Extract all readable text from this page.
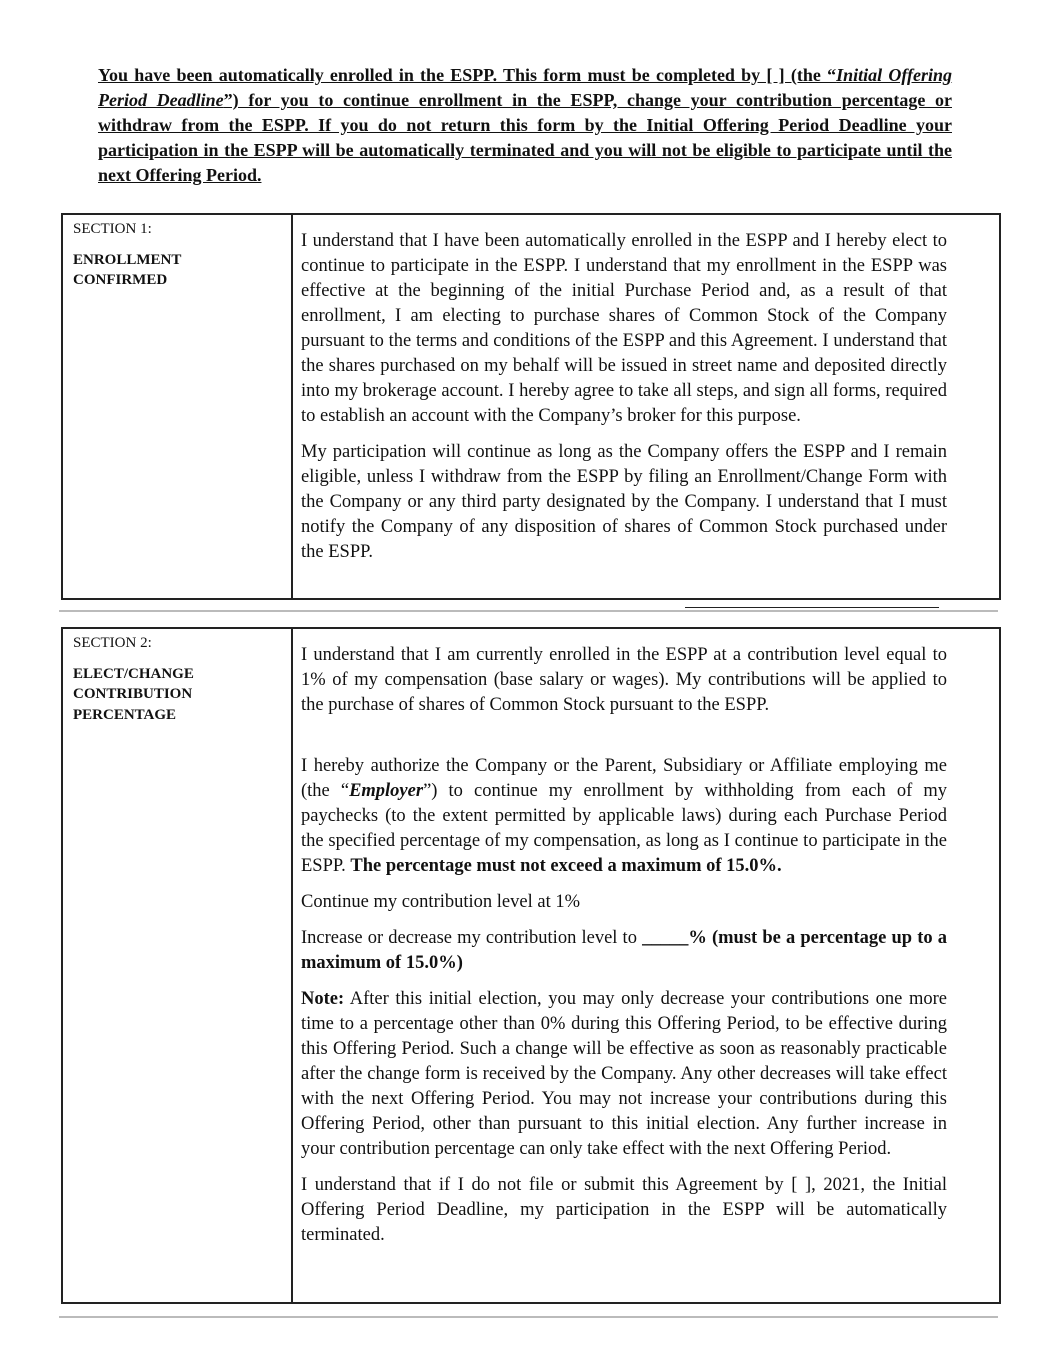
You have been automatically enrolled in the ESPP. This form must be completed by [ ] (the “Initial Offering Period Deadline”) for you to continue enrollment in the ESPP, change your contribution percentage or withdraw from the ESPP. If you do not return this form by the Initial Offering Period Deadline your participation in the ESPP will be automatically terminated and you will not be eligible to participate until the next Offering Period.
SECTION 1:
ENROLLMENT
CONFIRMED

I understand that I have been automatically enrolled in the ESPP and I hereby elect to continue to participate in the ESPP. I understand that my enrollment in the ESPP was effective at the beginning of the initial Purchase Period and, as a result of that enrollment, I am electing to purchase shares of Common Stock of the Company pursuant to the terms and conditions of the ESPP and this Agreement. I understand that the shares purchased on my behalf will be issued in street name and deposited directly into my brokerage account. I hereby agree to take all steps, and sign all forms, required to establish an account with the Company’s broker for this purpose.

My participation will continue as long as the Company offers the ESPP and I remain eligible, unless I withdraw from the ESPP by filing an Enrollment/Change Form with the Company or any third party designated by the Company. I understand that I must notify the Company of any disposition of shares of Common Stock purchased under the ESPP.

SECTION 2:
ELECT/CHANGE
CONTRIBUTION
PERCENTAGE

I understand that I am currently enrolled in the ESPP at a contribution level equal to 1% of my compensation (base salary or wages). My contributions will be applied to the purchase of shares of Common Stock pursuant to the ESPP.

I hereby authorize the Company or the Parent, Subsidiary or Affiliate employing me (the “Employer”) to continue my enrollment by withholding from each of my paychecks (to the extent permitted by applicable laws) during each Purchase Period the specified percentage of my compensation, as long as I continue to participate in the ESPP. The percentage must not exceed a maximum of 15.0%.

Continue my contribution level at 1%

Increase or decrease my contribution level to _____% (must be a percentage up to a maximum of 15.0%)

Note: After this initial election, you may only decrease your contributions one more time to a percentage other than 0% during this Offering Period, to be effective during this Offering Period. Such a change will be effective as soon as reasonably practicable after the change form is received by the Company. Any other decreases will take effect with the next Offering Period. You may not increase your contributions during this Offering Period, other than pursuant to this initial election. Any further increase in your contribution percentage can only take effect with the next Offering Period.

I understand that if I do not file or submit this Agreement by [ ], 2021, the Initial Offering Period Deadline, my participation in the ESPP will be automatically terminated.
